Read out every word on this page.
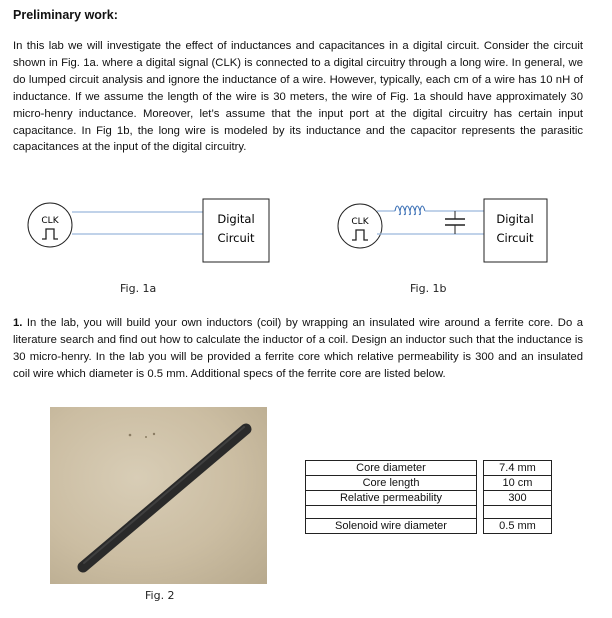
Preliminary work:

In this lab we will investigate the effect of inductances and capacitances in a digital circuit. Consider the circuit shown in Fig. 1a. where a digital signal (CLK) is connected to a digital circuitry through a long wire. In general, we do lumped circuit analysis and ignore the inductance of a wire. However, typically, each cm of a wire has 10 nH of inductance. If we assume the length of the wire is 30 meters, the wire of Fig. 1a should have approximately 30 micro-henry inductance. Moreover, let’s assume that the input port at the digital circuitry has certain input capacitance. In Fig 1b, the long wire is modeled by its inductance and the capacitor represents the parasitic capacitances at the input of the digital circuitry.

CLK	Digital
Circuit
CLK	Digital
Circuit
Fig. 1a	Fig. 1b

1. In the lab, you will build your own inductors (coil) by wrapping an insulated wire around a ferrite core. Do a literature search and find out how to calculate the inductor of a coil. Design an inductor such that the inductance is 30 micro-henry. In the lab you will be provided a ferrite core which relative permeability is 300 and an insulated coil wire which diameter is 0.5 mm. Additional specs of the ferrite core are listed below.

Fig. 2
Core diameter		7.4 mm
Core length		10 cm
Relative permeability		300

Solenoid wire diameter		0.5 mm
